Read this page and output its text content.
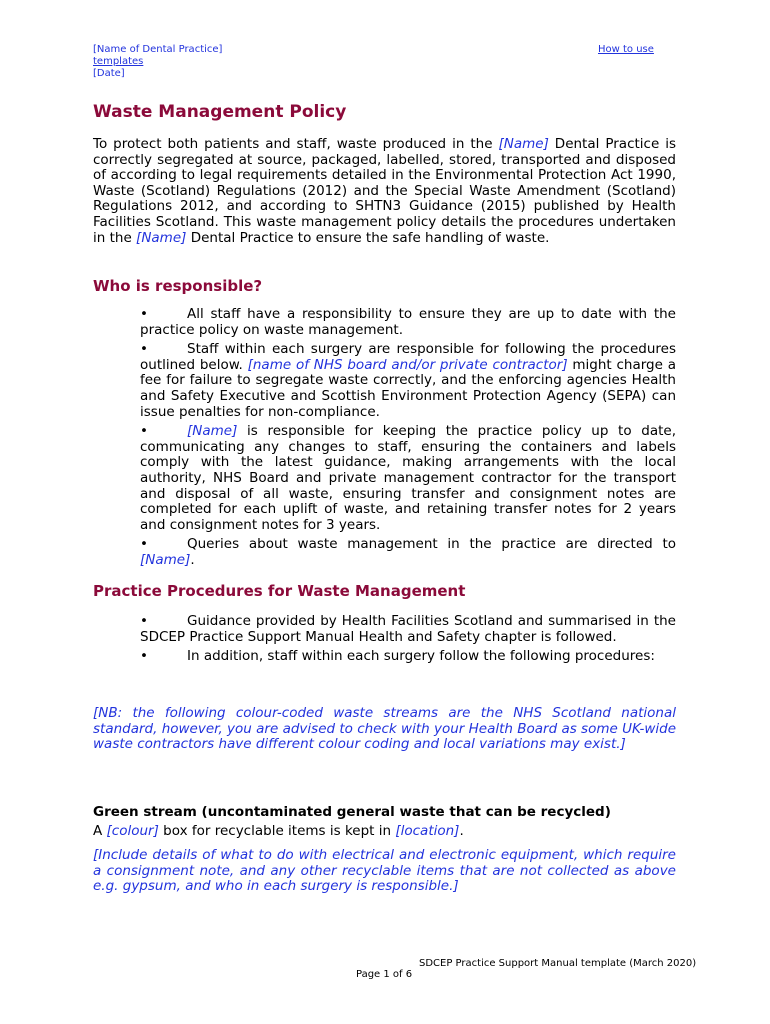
[Name of Dental Practice]
templates
[Date]
How to use
Waste Management Policy

To protect both patients and staff, waste produced in the [Name] Dental Practice is correctly segregated at source, packaged, labelled, stored, transported and disposed of according to legal requirements detailed in the Environmental Protection Act 1990, Waste (Scotland) Regulations (2012) and the Special Waste Amendment (Scotland) Regulations 2012, and according to SHTN3 Guidance (2015) published by Health Facilities Scotland. This waste management policy details the procedures undertaken in the [Name] Dental Practice to ensure the safe handling of waste.

Who is responsible?
•	All staff have a responsibility to ensure they are up to date with the practice policy on waste management.
•	Staff within each surgery are responsible for following the procedures outlined below. [name of NHS board and/or private contractor] might charge a fee for failure to segregate waste correctly, and the enforcing agencies Health and Safety Executive and Scottish Environment Protection Agency (SEPA) can issue penalties for non-compliance.
•	[Name] is responsible for keeping the practice policy up to date, communicating any changes to staff, ensuring the containers and labels comply with the latest guidance, making arrangements with the local authority, NHS Board and private management contractor for the transport and disposal of all waste, ensuring transfer and consignment notes are completed for each uplift of waste, and retaining transfer notes for 2 years and consignment notes for 3 years.
•	Queries about waste management in the practice are directed to [Name].
Practice Procedures for Waste Management
•	Guidance provided by Health Facilities Scotland and summarised in the SDCEP Practice Support Manual Health and Safety chapter is followed.
•	In addition, staff within each surgery follow the following procedures:

[NB: the following colour-coded waste streams are the NHS Scotland national standard, however, you are advised to check with your Health Board as some UK-wide waste contractors have different colour coding and local variations may exist.]

Green stream (uncontaminated general waste that can be recycled)

A [colour] box for recyclable items is kept in [location].

[Include details of what to do with electrical and electronic equipment, which require a consignment note, and any other recyclable items that are not collected as above e.g. gypsum, and who in each surgery is responsible.]

SDCEP Practice Support Manual template (March 2020)
Page 1 of 6
